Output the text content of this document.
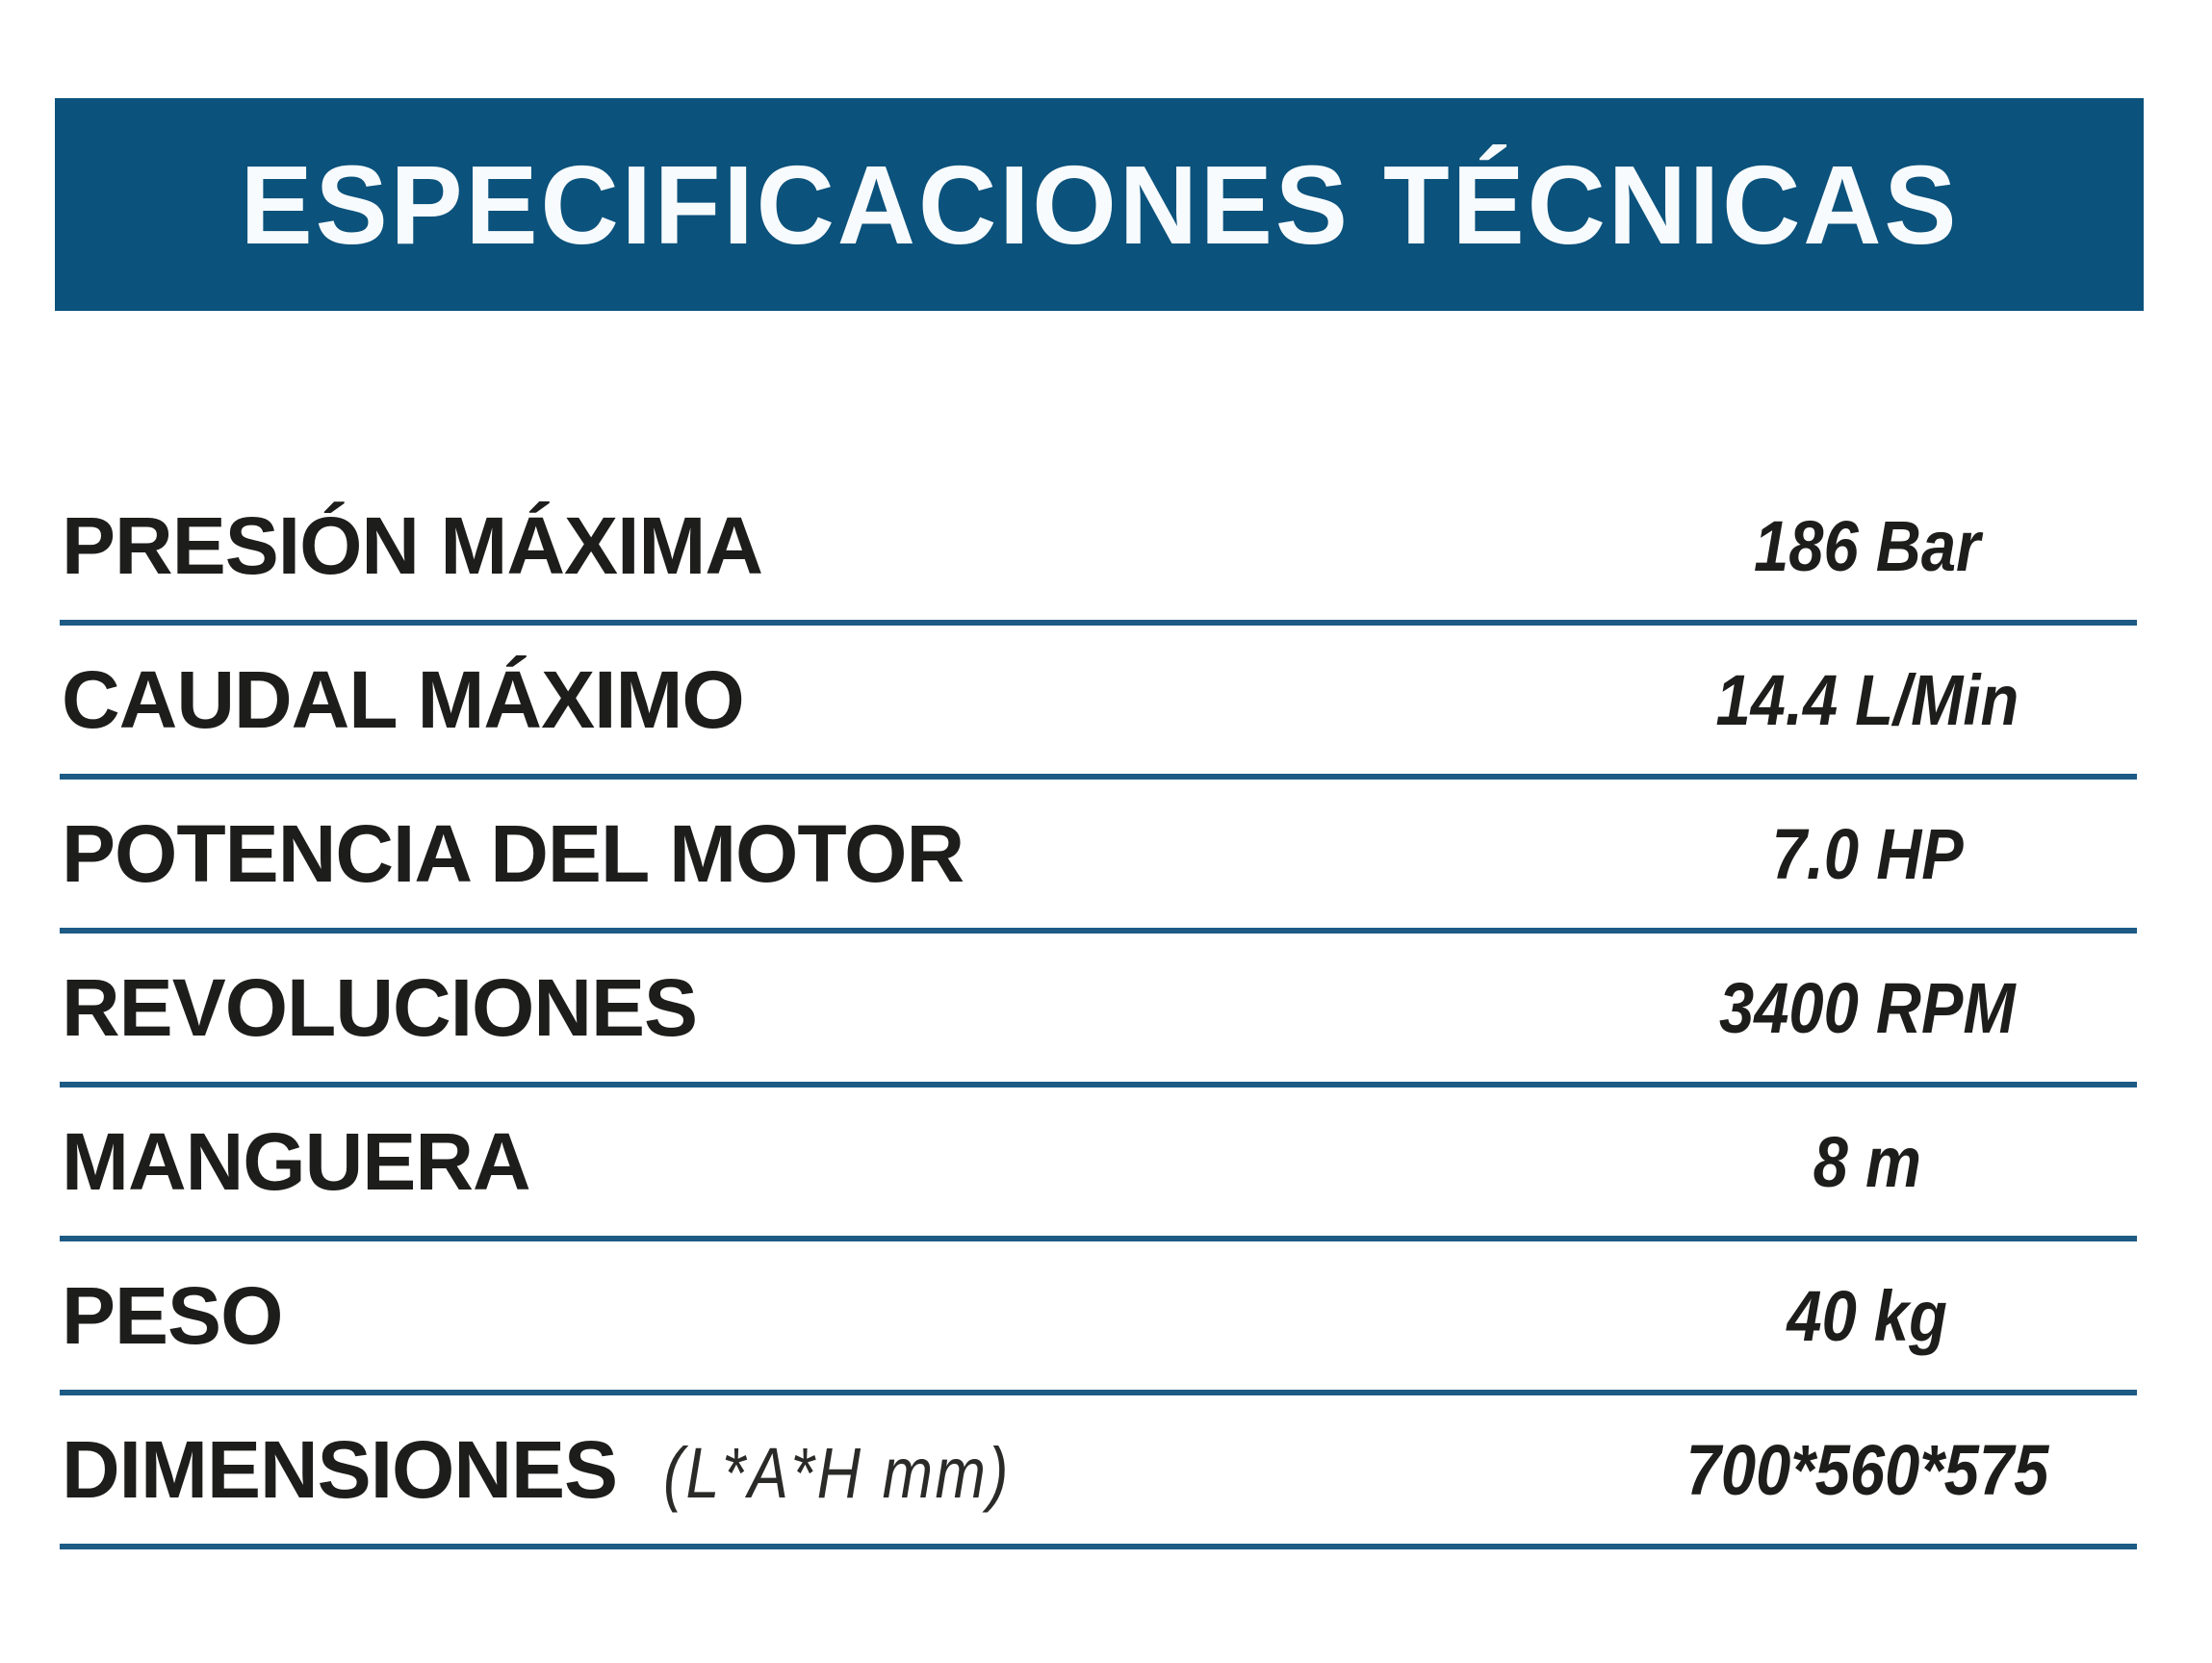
ESPECIFICACIONES TÉCNICAS
PRESIÓN MÁXIMA	186 Bar
CAUDAL MÁXIMO	14.4 L/Min
POTENCIA DEL MOTOR	7.0 HP
REVOLUCIONES	3400 RPM
MANGUERA	8 m
PESO	40 kg
DIMENSIONES (L*A*H mm)	700*560*575
